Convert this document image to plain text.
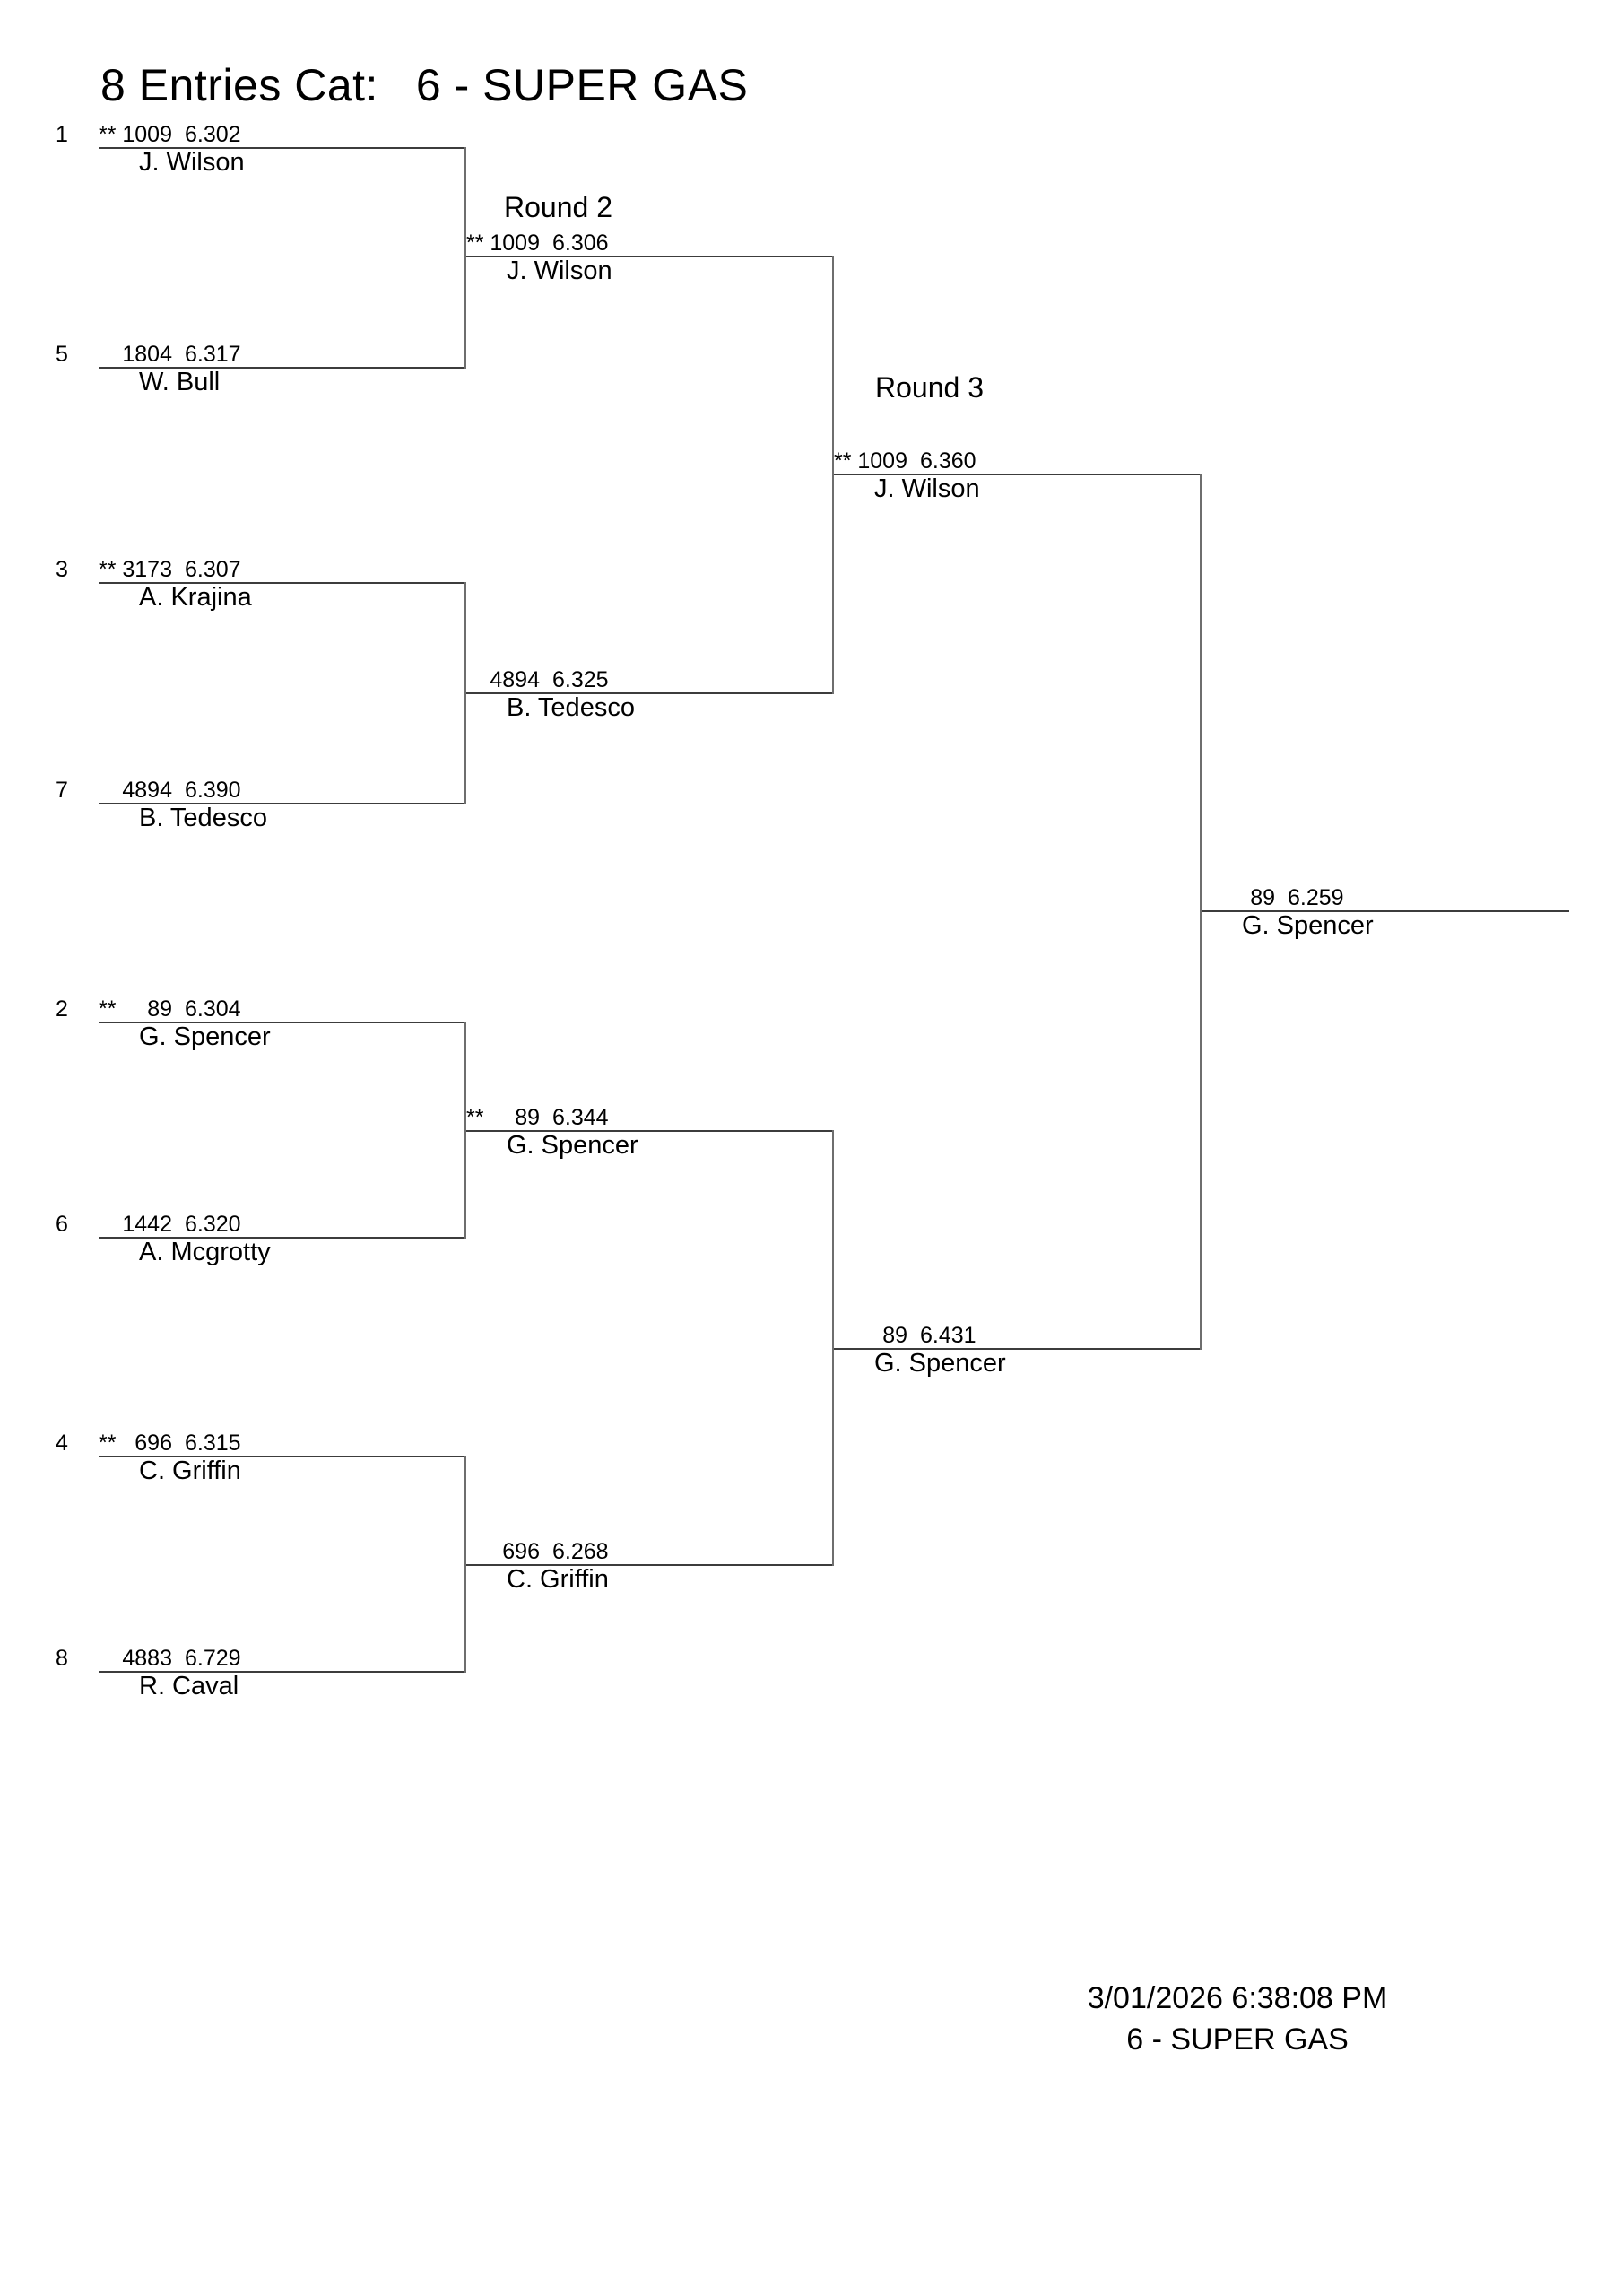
8 Entries Cat: 6 - SUPER GAS
1	** 1009 6.302
J. Wilson
5	1804 6.317
W. Bull
3	** 3173 6.307
A. Krajina
7	4894 6.390
B. Tedesco
2	**	89 6.304
G. Spencer
6	1442 6.320
A. Mcgrotty
4	** 696 6.315
C. Griffin
8	4883 6.729
R. Caval
Round 2
** 1009 6.306
J. Wilson
4894 6.325
B. Tedesco
**	89 6.344
G. Spencer
696 6.268
C. Griffin
Round 3
** 1009 6.360
J. Wilson
89 6.431
G. Spencer
89 6.259
G. Spencer
3/01/2026 6:38:08 PM
6 - SUPER GAS
